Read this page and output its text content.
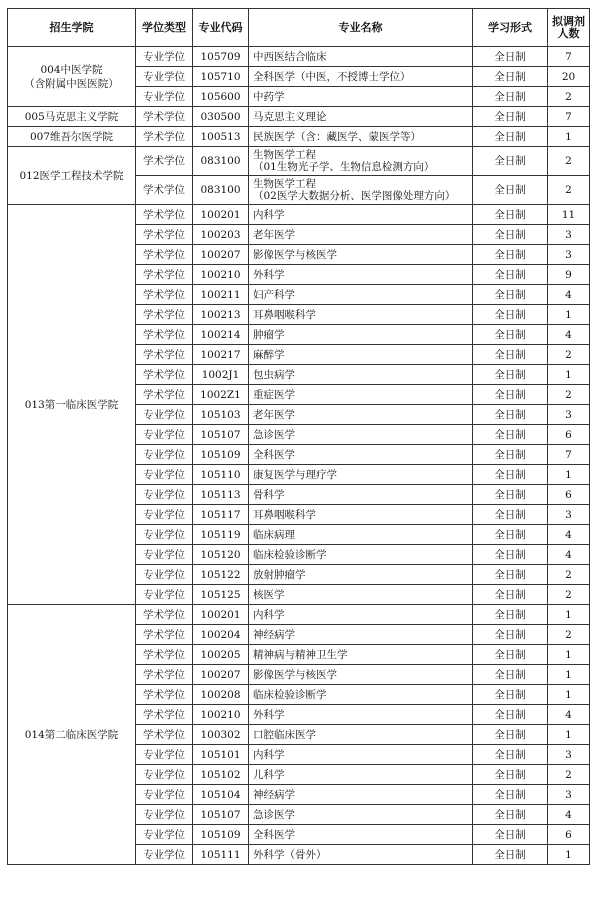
招生学院	学位类型	专业代码	专业名称	学习形式	拟调剂人数
004中医学院
（含附属中医医院）	专业学位	105709	中西医结合临床	全日制	7
	专业学位	105710	全科医学（中医，不授博士学位）	全日制	20
	专业学位	105600	中药学	全日制	2
005马克思主义学院	学术学位	030500	马克思主义理论	全日制	7
007维吾尔医学院	学术学位	100513	民族医学（含：藏医学、蒙医学等）	全日制	1
012医学工程技术学院	学术学位	083100	生物医学工程
（01生物光子学、生物信息检测方向）	全日制	2
	学术学位	083100	生物医学工程
（02医学大数据分析、医学图像处理方向）	全日制	2
013第一临床医学院	学术学位	100201	内科学	全日制	11
	学术学位	100203	老年医学	全日制	3
	学术学位	100207	影像医学与核医学	全日制	3
	学术学位	100210	外科学	全日制	9
	学术学位	100211	妇产科学	全日制	4
	学术学位	100213	耳鼻咽喉科学	全日制	1
	学术学位	100214	肿瘤学	全日制	4
	学术学位	100217	麻醉学	全日制	2
	学术学位	1002J1	包虫病学	全日制	1
	学术学位	1002Z1	重症医学	全日制	2
	专业学位	105103	老年医学	全日制	3
	专业学位	105107	急诊医学	全日制	6
	专业学位	105109	全科医学	全日制	7
	专业学位	105110	康复医学与理疗学	全日制	1
	专业学位	105113	骨科学	全日制	6
	专业学位	105117	耳鼻咽喉科学	全日制	3
	专业学位	105119	临床病理	全日制	4
	专业学位	105120	临床检验诊断学	全日制	4
	专业学位	105122	放射肿瘤学	全日制	2
	专业学位	105125	核医学	全日制	2
014第二临床医学院	学术学位	100201	内科学	全日制	1
	学术学位	100204	神经病学	全日制	2
	学术学位	100205	精神病与精神卫生学	全日制	1
	学术学位	100207	影像医学与核医学	全日制	1
	学术学位	100208	临床检验诊断学	全日制	1
	学术学位	100210	外科学	全日制	4
	学术学位	100302	口腔临床医学	全日制	1
	专业学位	105101	内科学	全日制	3
	专业学位	105102	儿科学	全日制	2
	专业学位	105104	神经病学	全日制	3
	专业学位	105107	急诊医学	全日制	4
	专业学位	105109	全科医学	全日制	6
	专业学位	105111	外科学（骨外）	全日制	1
